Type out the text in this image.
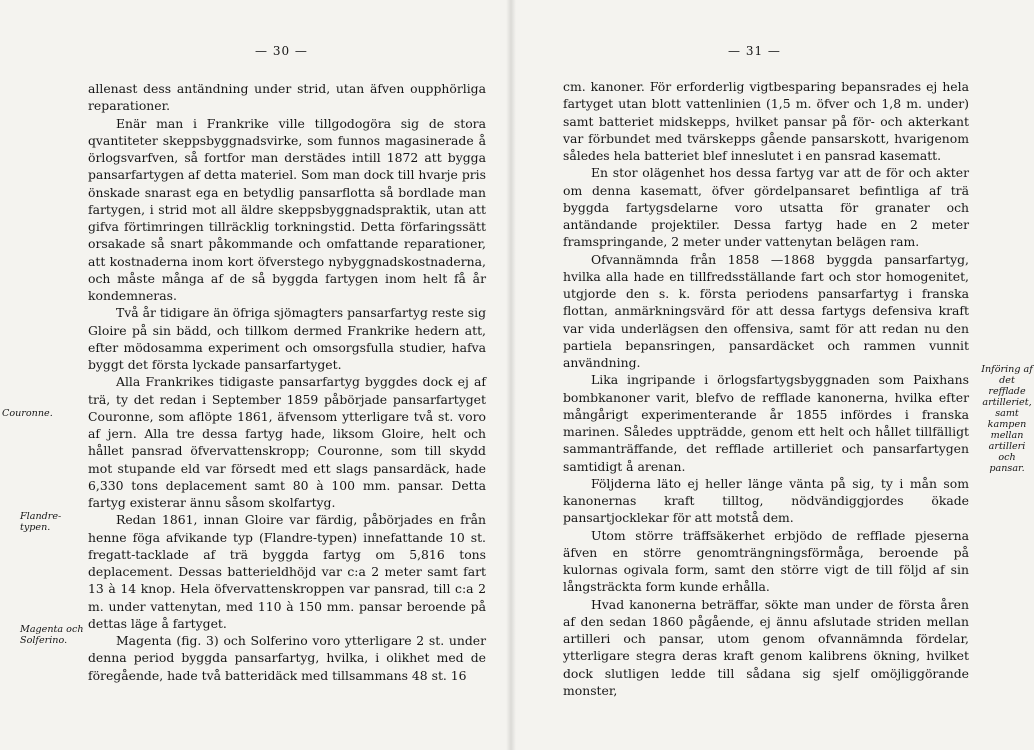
— 30 —

allenast dess antändning under strid, utan äfven oupphörliga reparationer.

Enär man i Frankrike ville tillgodogöra sig de stora qvantiteter skeppsbyggnadsvirke, som funnos magasinerade å örlogsvarfven, så fortfor man derstädes intill 1872 att bygga pansarfartygen af detta materiel. Som man dock till hvarje pris önskade snarast ega en betydlig pansarflotta så bordlade man fartygen, i strid mot all äldre skeppsbyggnadspraktik, utan att gifva förtimringen tillräcklig torkningstid. Detta förfaringssätt orsakade så snart påkommande och omfattande reparationer, att kostnaderna inom kort öfverstego nybyggnadskostnaderna, och måste många af de så byggda fartygen inom helt få år kondemneras.

Två år tidigare än öfriga sjömagters pansarfartyg reste sig Gloire på sin bädd, och tillkom dermed Frankrike hedern att, efter mödosamma experiment och omsorgsfulla studier, hafva byggt det första lyckade pansarfartyget.

Alla Frankrikes tidigaste pansarfartyg byggdes dock ej af trä, ty det redan i September 1859 påbörjade pansarfartyget Couronne, som aflöpte 1861, äfvensom ytterligare två st. voro af jern. Alla tre dessa fartyg hade, liksom Gloire, helt och hållet pansrad öfvervattenskropp; Couronne, som till skydd mot stupande eld var försedt med ett slags pansardäck, hade 6,330 tons deplacement samt 80 à 100 mm. pansar. Detta fartyg existerar ännu såsom skolfartyg.

Redan 1861, innan Gloire var färdig, påbörjades en från henne föga afvikande typ (Flandre-typen) innefattande 10 st. fregatt-tacklade af trä byggda fartyg om 5,816 tons deplacement. Dessas batterieldhöjd var c:a 2 meter samt fart 13 à 14 knop. Hela öfvervattenskroppen var pansrad, till c:a 2 m. under vattenytan, med 110 à 150 mm. pansar beroende på dettas läge å fartyget.

Magenta (fig. 3) och Solferino voro ytterligare 2 st. under denna period byggda pansarfartyg, hvilka, i olikhet med de föregående, hade två batteridäck med tillsammans 48 st. 16

Couronne.
Flandre-typen.
Magenta och Solferino.
— 31 —

cm. kanoner. För erforderlig vigtbesparing bepansrades ej hela fartyget utan blott vattenlinien (1,5 m. öfver och 1,8 m. under) samt batteriet midskepps, hvilket pansar på för- och akterkant var förbundet med tvärskepps gående pansarskott, hvarigenom således hela batteriet blef inneslutet i en pansrad kasematt.

En stor olägenhet hos dessa fartyg var att de för och akter om denna kasematt, öfver gördelpansaret befintliga af trä byggda fartygsdelarne voro utsatta för granater och antändande projektiler. Dessa fartyg hade en 2 meter framspringande, 2 meter under vattenytan belägen ram.

Ofvannämnda från 1858 —1868 byggda pansarfartyg, hvilka alla hade en tillfredsställande fart och stor homogenitet, utgjorde den s. k. första periodens pansarfartyg i franska flottan, anmärkningsvärd för att dessa fartygs defensiva kraft var vida underlägsen den offensiva, samt för att redan nu den partiela bepansringen, pansardäcket och rammen vunnit användning.

Lika ingripande i örlogsfartygsbyggnaden som Paixhans bombkanoner varit, blefvo de refflade kanonerna, hvilka efter mångårigt experimenterande år 1855 infördes i franska marinen. Således uppträdde, genom ett helt och hållet tillfälligt sammanträffande, det refflade artilleriet och pansarfartygen samtidigt å arenan.

Följderna läto ej heller länge vänta på sig, ty i mån som kanonernas kraft tilltog, nödvändiggjordes ökade pansartjocklekar för att motstå dem.

Utom större träffsäkerhet erbjödo de refflade pjeserna äfven en större genomträngningsförmåga, beroende på kulornas ogivala form, samt den större vigt de till följd af sin långsträckta form kunde erhålla.

Hvad kanonerna beträffar, sökte man under de första åren af den sedan 1860 pågående, ej ännu afslutade striden mellan artilleri och pansar, utom genom ofvannämnda fördelar, ytterligare stegra deras kraft genom kalibrens ökning, hvilket dock slutligen ledde till sådana sig sjelf omöjliggörande monster,

Införing af det refflade artilleriet, samt kampen mellan artilleri och pansar.
